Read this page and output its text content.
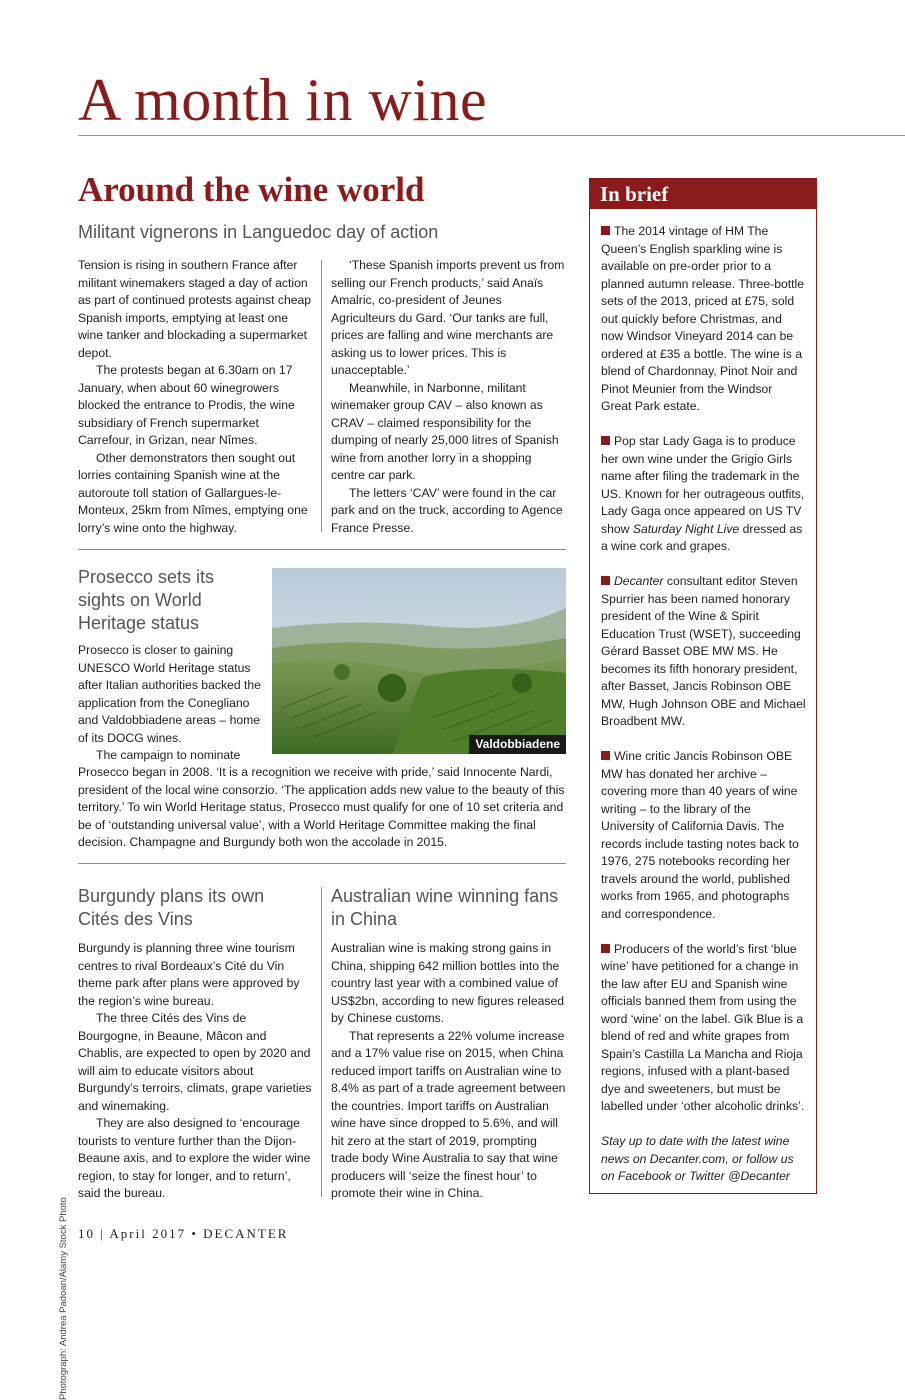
A month in wine
Around the wine world
Militant vignerons in Languedoc day of action

Tension is rising in southern France after militant winemakers staged a day of action as part of continued protests against cheap Spanish imports, emptying at least one wine tanker and blockading a supermarket depot.

The protests began at 6.30am on 17 January, when about 60 winegrowers blocked the entrance to Prodis, the wine subsidiary of French supermarket Carrefour, in Grizan, near Nîmes.

Other demonstrators then sought out lorries containing Spanish wine at the autoroute toll station of Gallargues-le-Monteux, 25km from Nîmes, emptying one lorry’s wine onto the highway.

‘These Spanish imports prevent us from selling our French products,’ said Anaïs Amalric, co-president of Jeunes Agriculteurs du Gard. ‘Our tanks are full, prices are falling and wine merchants are asking us to lower prices. This is unacceptable.’

Meanwhile, in Narbonne, militant winemaker group CAV – also known as CRAV – claimed responsibility for the dumping of nearly 25,000 litres of Spanish wine from another lorry in a shopping centre car park.

The letters ‘CAV’ were found in the car park and on the truck, according to Agence France Presse.

Prosecco sets its sights on World Heritage status
Valdobbiadene

Prosecco is closer to gaining UNESCO World Heritage status after Italian authorities backed the application from the Conegliano and Valdobbiadene areas – home of its DOCG wines.

The campaign to nominate

Prosecco began in 2008. ‘It is a recognition we receive with pride,’ said Innocente Nardi, president of the local wine consorzio. ‘The application adds new value to the beauty of this territory.’ To win World Heritage status, Prosecco must qualify for one of 10 set criteria and be of ‘outstanding universal value’, with a World Heritage Committee making the final decision. Champagne and Burgundy both won the accolade in 2015.

Burgundy plans its own Cités des Vins

Burgundy is planning three wine tourism centres to rival Bordeaux’s Cité du Vin theme park after plans were approved by the region’s wine bureau.

The three Cités des Vins de Bourgogne, in Beaune, Mâcon and Chablis, are expected to open by 2020 and will aim to educate visitors about Burgundy’s terroirs, climats, grape varieties and winemaking.

They are also designed to ‘encourage tourists to venture further than the Dijon-Beaune axis, and to explore the wider wine region, to stay for longer, and to return’, said the bureau.

Australian wine winning fans in China

Australian wine is making strong gains in China, shipping 642 million bottles into the country last year with a combined value of US$2bn, according to new figures released by Chinese customs.

That represents a 22% volume increase and a 17% value rise on 2015, when China reduced import tariffs on Australian wine to 8.4% as part of a trade agreement between the countries. Import tariffs on Australian wine have since dropped to 5.6%, and will hit zero at the start of 2019, prompting trade body Wine Australia to say that wine producers will ‘seize the finest hour’ to promote their wine in China.

In brief

The 2014 vintage of HM The Queen’s English sparkling wine is available on pre-order prior to a planned autumn release. Three-bottle sets of the 2013, priced at £75, sold out quickly before Christmas, and now Windsor Vineyard 2014 can be ordered at £35 a bottle. The wine is a blend of Chardonnay, Pinot Noir and Pinot Meunier from the Windsor Great Park estate.

Pop star Lady Gaga is to produce her own wine under the Grigio Girls name after filing the trademark in the US. Known for her outrageous outfits, Lady Gaga once appeared on US TV show Saturday Night Live dressed as a wine cork and grapes.

Decanter consultant editor Steven Spurrier has been named honorary president of the Wine & Spirit Education Trust (WSET), succeeding Gérard Basset OBE MW MS. He becomes its fifth honorary president, after Basset, Jancis Robinson OBE MW, Hugh Johnson OBE and Michael Broadbent MW.

Wine critic Jancis Robinson OBE MW has donated her archive – covering more than 40 years of wine writing – to the library of the University of California Davis. The records include tasting notes back to 1976, 275 notebooks recording her travels around the world, published works from 1965, and photographs and correspondence.

Producers of the world’s first ‘blue wine’ have petitioned for a change in the law after EU and Spanish wine officials banned them from using the word ‘wine’ on the label. Gïk Blue is a blend of red and white grapes from Spain’s Castilla La Mancha and Rioja regions, infused with a plant-based dye and sweeteners, but must be labelled under ‘other alcoholic drinks’.

Stay up to date with the latest wine news on Decanter.com, or follow us on Facebook or Twitter @Decanter

Photograph: Andrea Padoan/Alamy Stock Photo 10 | April 2017 • DECANTER
